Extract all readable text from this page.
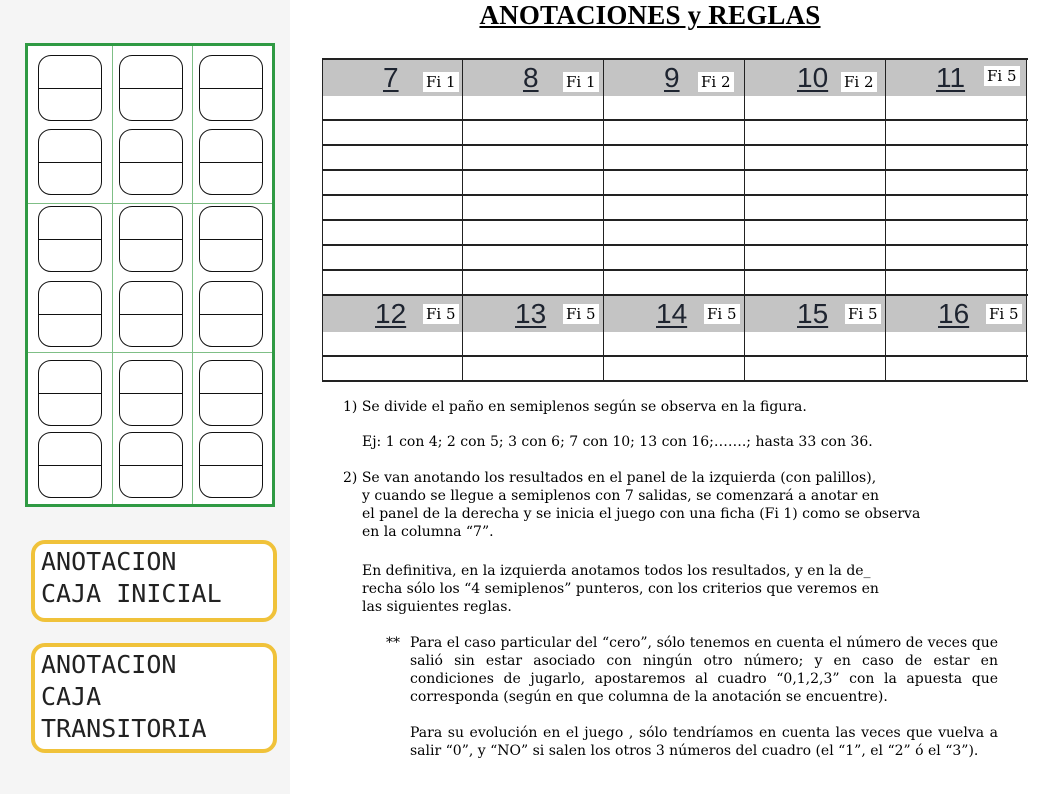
ANOTACIONES y REGLAS
ANOTACION
CAJA INICIAL
ANOTACION
CAJA
TRANSITORIA
7 Fi 1 8 Fi 1 9 Fi 2 10 Fi 2 11 Fi 5
12 Fi 5 13 Fi 5 14 Fi 5 15 Fi 5 16 Fi 5
1) Se divide el paño en semiplenos según se observa en la figura.
Ej: 1 con 4; 2 con 5; 3 con 6; 7 con 10; 13 con 16;…….; hasta 33 con 36.
2) Se van anotando los resultados en el panel de la izquierda (con palillos),
y cuando se llegue a semiplenos con 7 salidas, se comenzará a anotar en
el panel de la derecha y se inicia el juego con una ficha (Fi 1) como se observa
en la columna “7”.
En definitiva, en la izquierda anotamos todos los resultados, y en la de_
recha sólo los “4 semiplenos” punteros, con los criterios que veremos en
las siguientes reglas.
** Para el caso particular del “cero”, sólo tenemos en cuenta el número de veces que salió sin estar asociado con ningún otro número; y en caso de estar en condiciones de jugarlo, apostaremos al cuadro “0,1,2,3” con la apuesta que corresponda (según en que columna de la anotación se encuentre).
Para su evolución en el juego , sólo tendríamos en cuenta las veces que vuelva a salir “0”, y “NO” si salen los otros 3 números del cuadro (el “1”, el “2” ó el “3”).
